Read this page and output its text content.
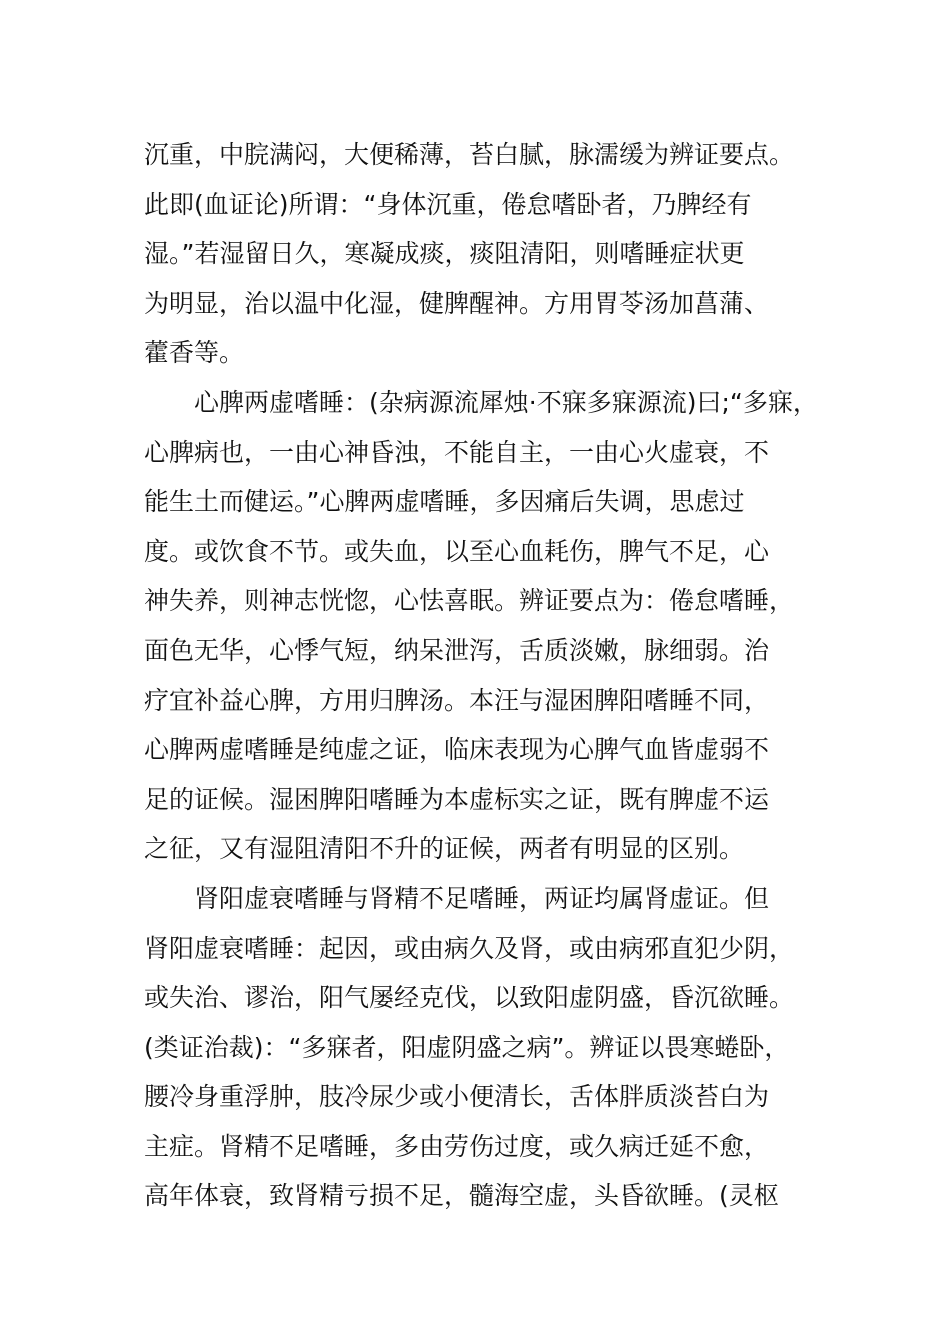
沉重，中脘满闷，大便稀薄，苔白腻，脉濡缓为辨证要点。
此即(血证论)所谓：“身体沉重，倦怠嗜卧者，乃脾经有
湿。”若湿留日久，寒凝成痰，痰阻清阳，则嗜睡症状更
为明显，治以温中化湿，健脾醒神。方用胃苓汤加菖蒲、
藿香等。
心脾两虚嗜睡：(杂病源流犀烛·不寐多寐源流)曰;“多寐，
心脾病也，一由心神昏浊，不能自主，一由心火虚衰，不
能生土而健运。”心脾两虚嗜睡，多因痛后失调，思虑过
度。或饮食不节。或失血，以至心血耗伤，脾气不足，心
神失养，则神志恍惚，心怯喜眠。辨证要点为：倦怠嗜睡，
面色无华，心悸气短，纳呆泄泻，舌质淡嫩，脉细弱。治
疗宜补益心脾，方用归脾汤。本汪与湿困脾阳嗜睡不同，
心脾两虚嗜睡是纯虚之证，临床表现为心脾气血皆虚弱不
足的证候。湿困脾阳嗜睡为本虚标实之证，既有脾虚不运
之征，又有湿阻清阳不升的证候，两者有明显的区别。
肾阳虚衰嗜睡与肾精不足嗜睡，两证均属肾虚证。但
肾阳虚衰嗜睡：起因，或由病久及肾，或由病邪直犯少阴，
或失治、谬治，阳气屡经克伐，以致阳虚阴盛，昏沉欲睡。
(类证治裁)：“多寐者，阳虚阴盛之病”。辨证以畏寒蜷卧，
腰冷身重浮肿，肢冷尿少或小便清长，舌体胖质淡苔白为
主症。肾精不足嗜睡，多由劳伤过度，或久病迁延不愈，
高年体衰，致肾精亏损不足，髓海空虚，头昏欲睡。(灵枢
